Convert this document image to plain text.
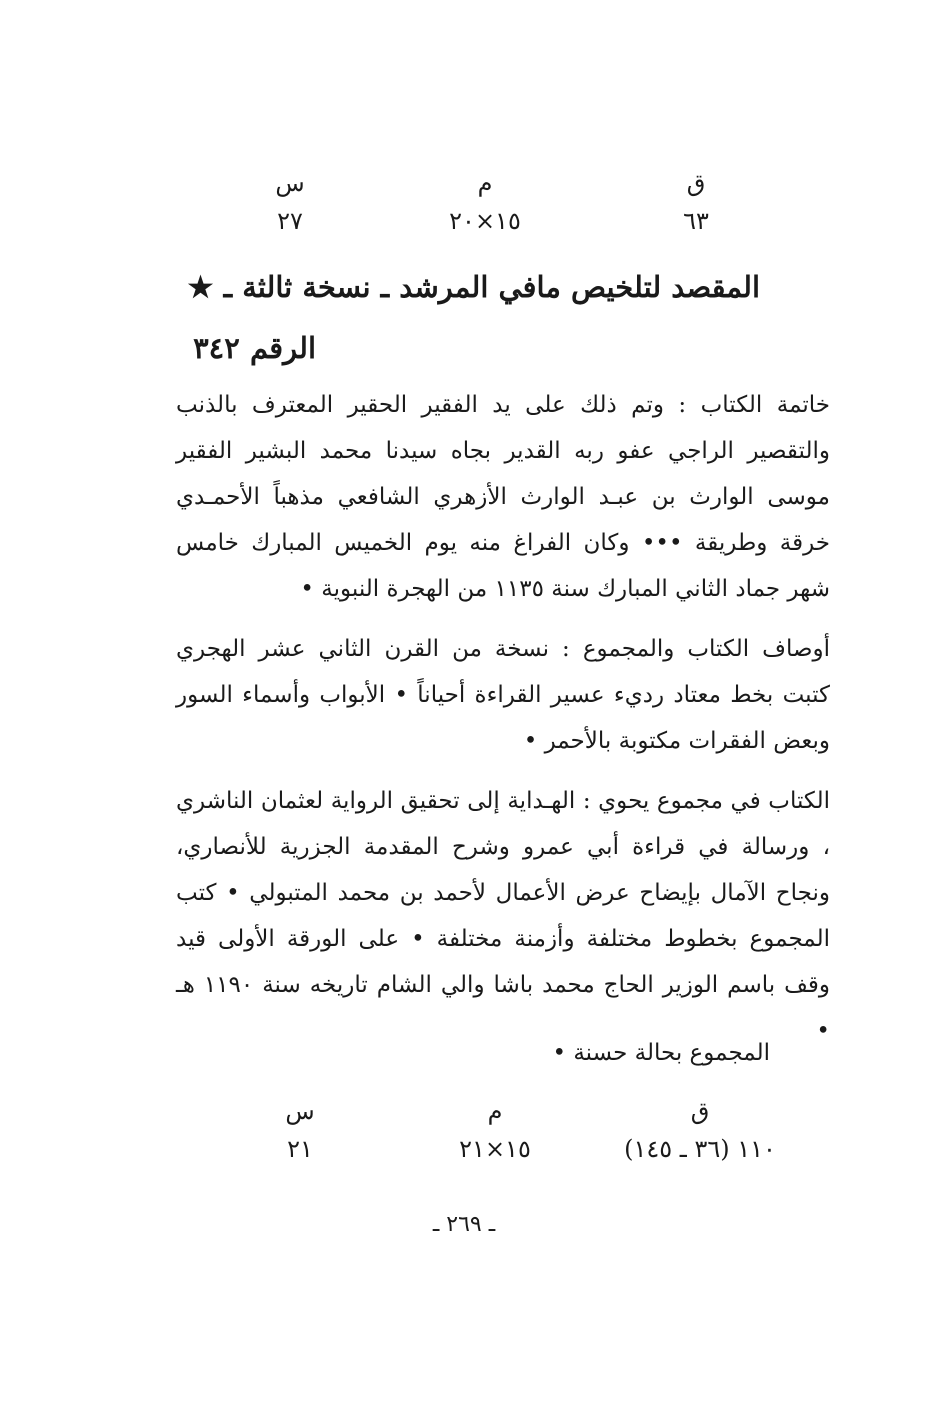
ق
٦٣
م
١٥×٢٠
س
٢٧
المقصد لتلخيص مافي المرشد ـ نسخة ثالثة ـ ★
الرقم ٣٤٢
خاتمة الكتاب : وتم ذلك على يد الفقير الحقير المعترف بالذنب والتقصير الراجي عفو ربه القدير بجاه سيدنا محمد البشير الفقير موسى الوارث بن عبـد الوارث الأزهري الشافعي مذهباً الأحمـدي خرقة وطريقة ••• وكان الفراغ منه يوم الخميس المبارك خامس شهر جماد الثاني المبارك سنة ١١٣٥ من الهجرة النبوية •
أوصاف الكتاب والمجموع : نسخة من القرن الثاني عشر الهجري كتبت بخط معتاد رديء عسير القراءة أحياناً • الأبواب وأسماء السور وبعض الفقرات مكتوبة بالأحمر •
الكتاب في مجموع يحوي : الهـداية إلى تحقيق الرواية لعثمان الناشري ، ورسالة في قراءة أبي عمرو وشرح المقدمة الجزرية للأنصاري، ونجاح الآمال بإيضاح عرض الأعمال لأحمد بن محمد المتبولي • كتب المجموع بخطوط مختلفة وأزمنة مختلفة • على الورقة الأولى قيد وقف باسم الوزير الحاج محمد باشا والي الشام تاريخه سنة ١١٩٠ هـ •
المجموع بحالة حسنة •
ق
١١٠ (٣٦ ـ ١٤٥)
م
١٥×٢١
س
٢١
ـ ٢٦٩ ـ
